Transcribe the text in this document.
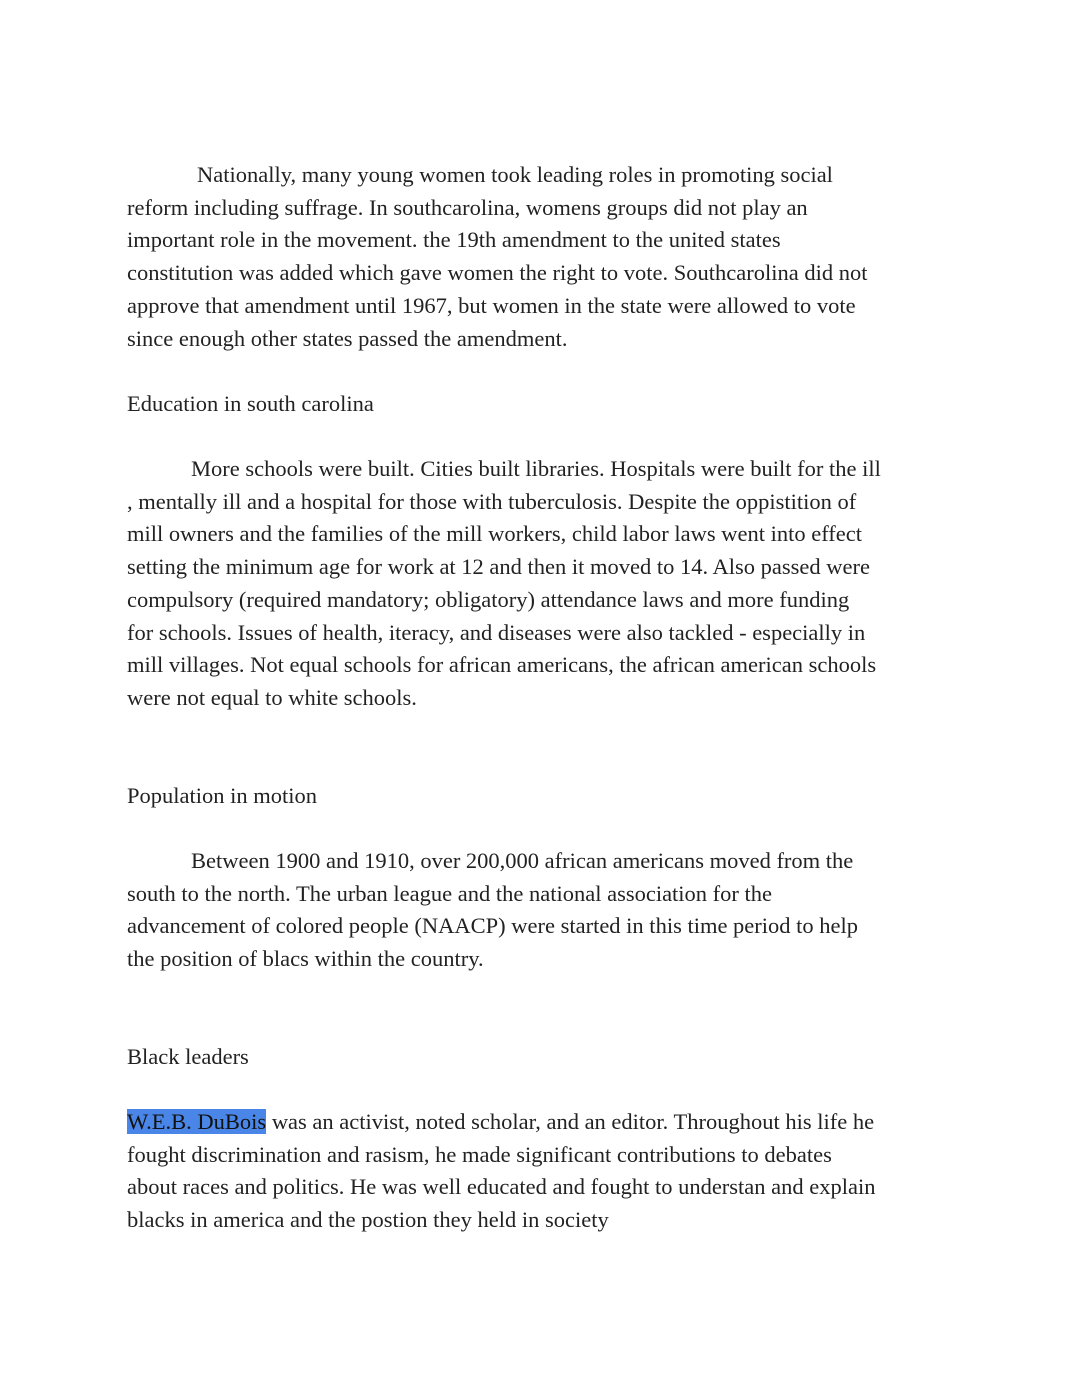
Nationally, many young women took leading roles in promoting social
reform including suffrage. In southcarolina, womens groups did not play an
important role in the movement. the 19th amendment to the united states
constitution was added which gave women the right to vote. Southcarolina did not
approve that amendment until 1967, but women in the state were allowed to vote
since enough other states passed the amendment.
Education in south carolina
More schools were built. Cities built libraries. Hospitals were built for the ill
, mentally ill and a hospital for those with tuberculosis. Despite the oppistition of
mill owners and the families of the mill workers, child labor laws went into effect
setting the minimum age for work at 12 and then it moved to 14. Also passed were
compulsory (required mandatory; obligatory) attendance laws and more funding
for schools. Issues of health, iteracy, and diseases were also tackled - especially in
mill villages. Not equal schools for african americans, the african american schools
were not equal to white schools.
Population in motion
Between 1900 and 1910, over 200,000 african americans moved from the
south to the north. The urban league and the national association for the
advancement of colored people (NAACP) were started in this time period to help
the position of blacs within the country.
Black leaders
W.E.B. DuBois was an activist, noted scholar, and an editor. Throughout his life he
fought discrimination and rasism, he made significant contributions to debates
about races and politics. He was well educated and fought to understan and explain
blacks in america and the postion they held in society
